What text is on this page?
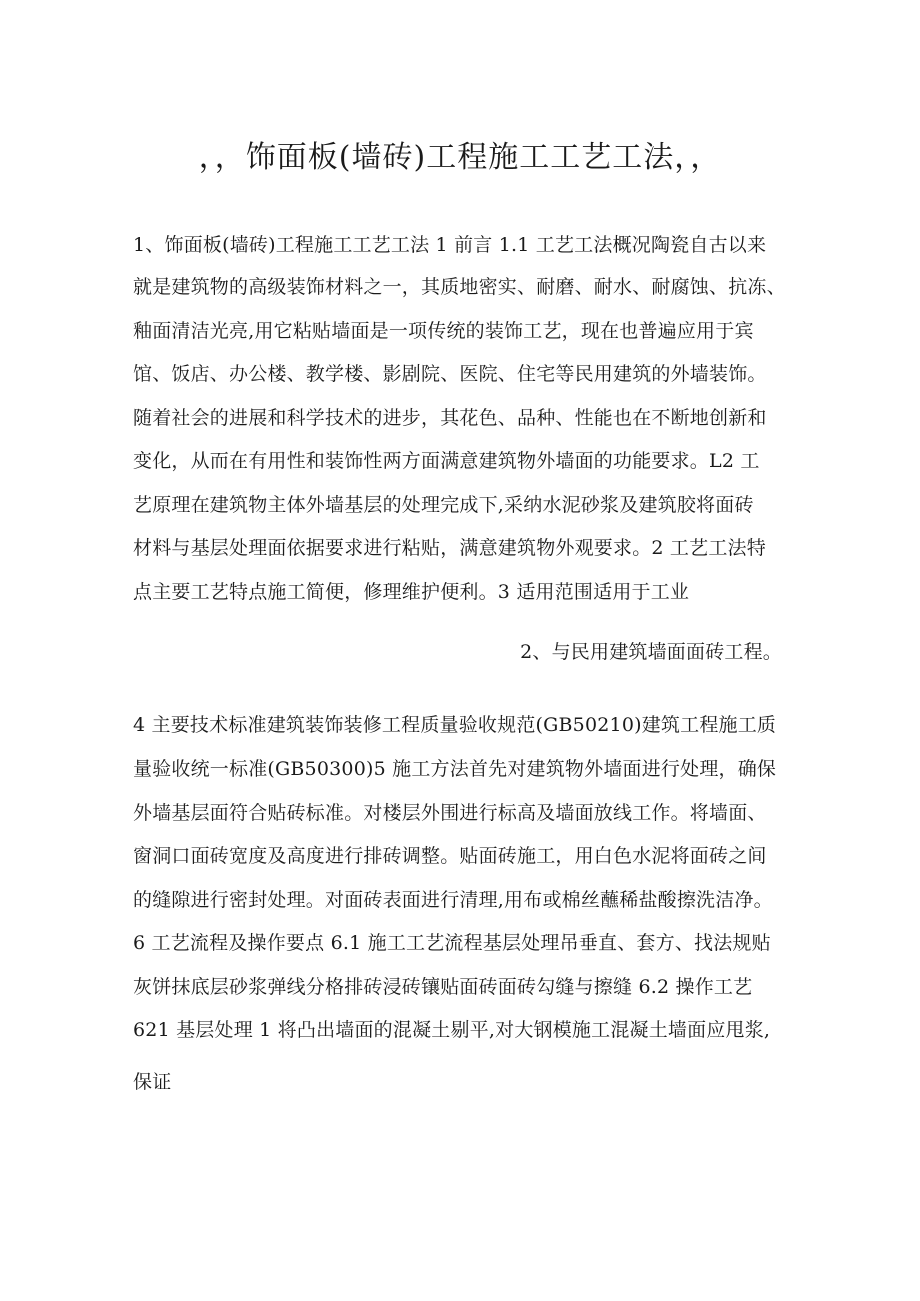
，，饰面板(墙砖)工程施工工艺工法，，
1、饰面板(墙砖)工程施工工艺工法 1 前言 1.1 工艺工法概况陶瓷自古以来
就是建筑物的高级装饰材料之一，其质地密实、耐磨、耐水、耐腐蚀、抗冻、
釉面清洁光亮,用它粘贴墙面是一项传统的装饰工艺，现在也普遍应用于宾
馆、饭店、办公楼、教学楼、影剧院、医院、住宅等民用建筑的外墙装饰。
随着社会的进展和科学技术的进步，其花色、品种、性能也在不断地创新和
变化，从而在有用性和装饰性两方面满意建筑物外墙面的功能要求。L2 工
艺原理在建筑物主体外墙基层的处理完成下,采纳水泥砂浆及建筑胶将面砖
材料与基层处理面依据要求进行粘贴，满意建筑物外观要求。2 工艺工法特
点主要工艺特点施工简便，修理维护便利。3 适用范围适用于工业
2、与民用建筑墙面面砖工程。
4 主要技术标准建筑装饰装修工程质量验收规范(GB50210)建筑工程施工质
量验收统一标准(GB50300)5 施工方法首先对建筑物外墙面进行处理，确保
外墙基层面符合贴砖标准。对楼层外围进行标高及墙面放线工作。将墙面、
窗洞口面砖宽度及高度进行排砖调整。贴面砖施工，用白色水泥将面砖之间
的缝隙进行密封处理。对面砖表面进行清理,用布或棉丝蘸稀盐酸擦洗洁净。
6 工艺流程及操作要点 6.1 施工工艺流程基层处理吊垂直、套方、找法规贴
灰饼抹底层砂浆弹线分格排砖浸砖镶贴面砖面砖勾缝与擦缝 6.2 操作工艺
621 基层处理 1 将凸出墙面的混凝土剔平,对大钢模施工混凝土墙面应甩浆,
保证
